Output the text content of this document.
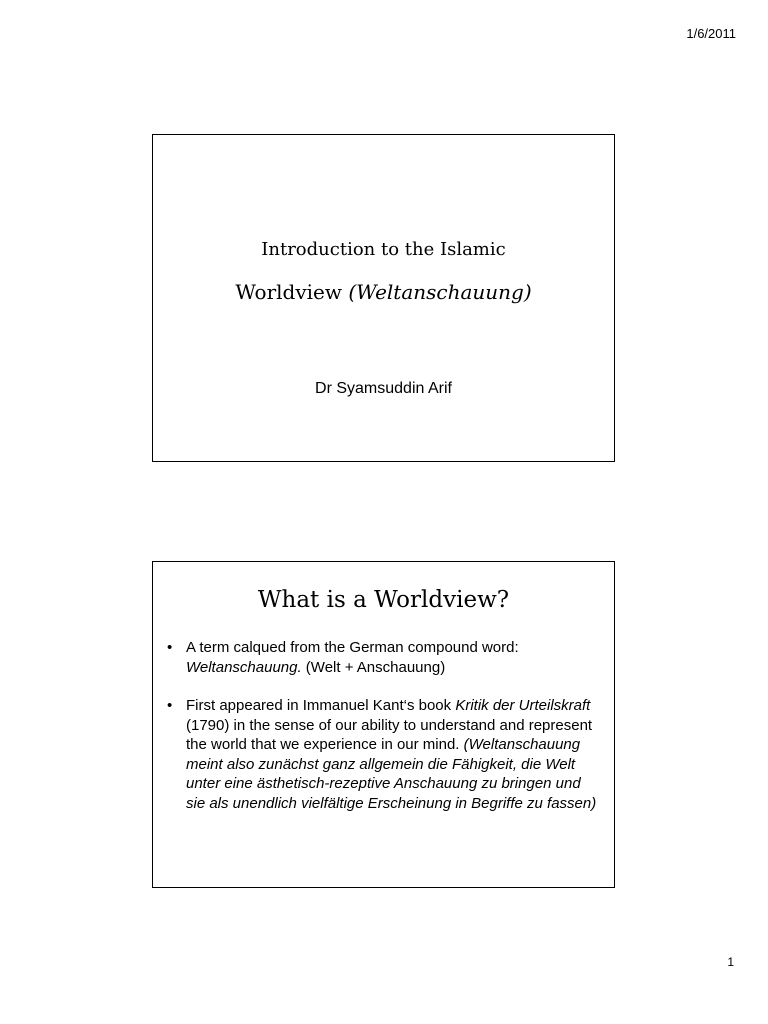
1/6/2011
Introduction to the Islamic
Worldview (Weltanschauung)
Dr Syamsuddin Arif
What is a Worldview?
• A term calqued from the German compound word: Weltanschauung. (Welt + Anschauung)
• First appeared in Immanuel Kant‘s book Kritik der Urteilskraft (1790) in the sense of our ability to understand and represent the world that we experience in our mind. (Weltanschauung meint also zunächst ganz allgemein die Fähigkeit, die Welt unter eine ästhetisch-rezeptive Anschauung zu bringen und sie als unendlich vielfältige Erscheinung in Begriffe zu fassen)
1
